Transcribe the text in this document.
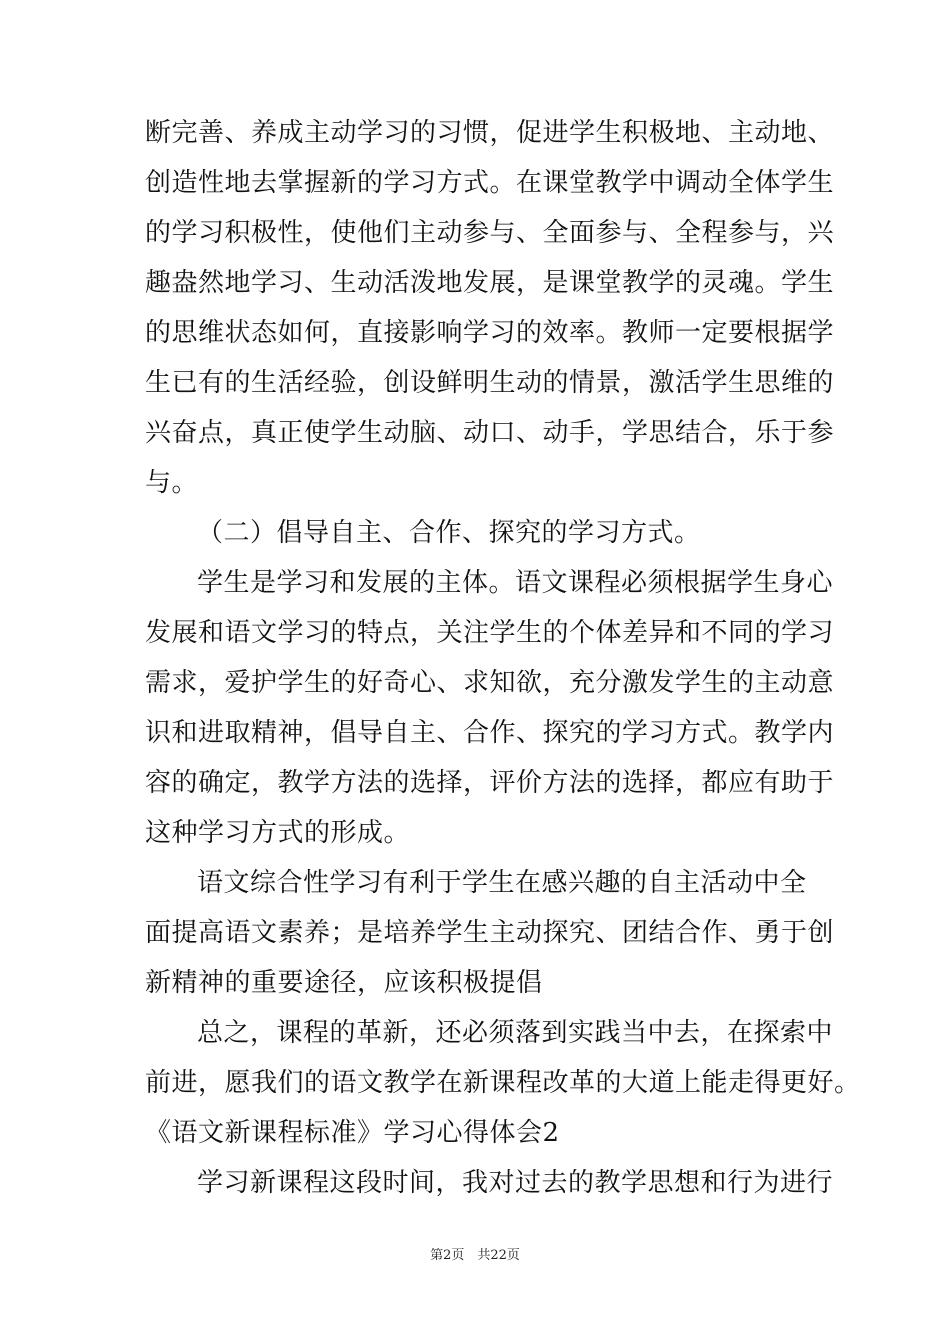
断完善、养成主动学习的习惯，促进学生积极地、主动地、
创造性地去掌握新的学习方式。在课堂教学中调动全体学生
的学习积极性，使他们主动参与、全面参与、全程参与，兴
趣盎然地学习、生动活泼地发展，是课堂教学的灵魂。学生
的思维状态如何，直接影响学习的效率。教师一定要根据学
生已有的生活经验，创设鲜明生动的情景，激活学生思维的
兴奋点，真正使学生动脑、动口、动手，学思结合，乐于参
与。
（二）倡导自主、合作、探究的学习方式。
学生是学习和发展的主体。语文课程必须根据学生身心
发展和语文学习的特点，关注学生的个体差异和不同的学习
需求，爱护学生的好奇心、求知欲，充分激发学生的主动意
识和进取精神，倡导自主、合作、探究的学习方式。教学内
容的确定，教学方法的选择，评价方法的选择，都应有助于
这种学习方式的形成。
语文综合性学习有利于学生在感兴趣的自主活动中全
面提高语文素养；是培养学生主动探究、团结合作、勇于创
新精神的重要途径，应该积极提倡
总之，课程的革新，还必须落到实践当中去，在探索中
前进，愿我们的语文教学在新课程改革的大道上能走得更好。
《语文新课程标准》学习心得体会2
学习新课程这段时间，我对过去的教学思想和行为进行
第2页　共22页
